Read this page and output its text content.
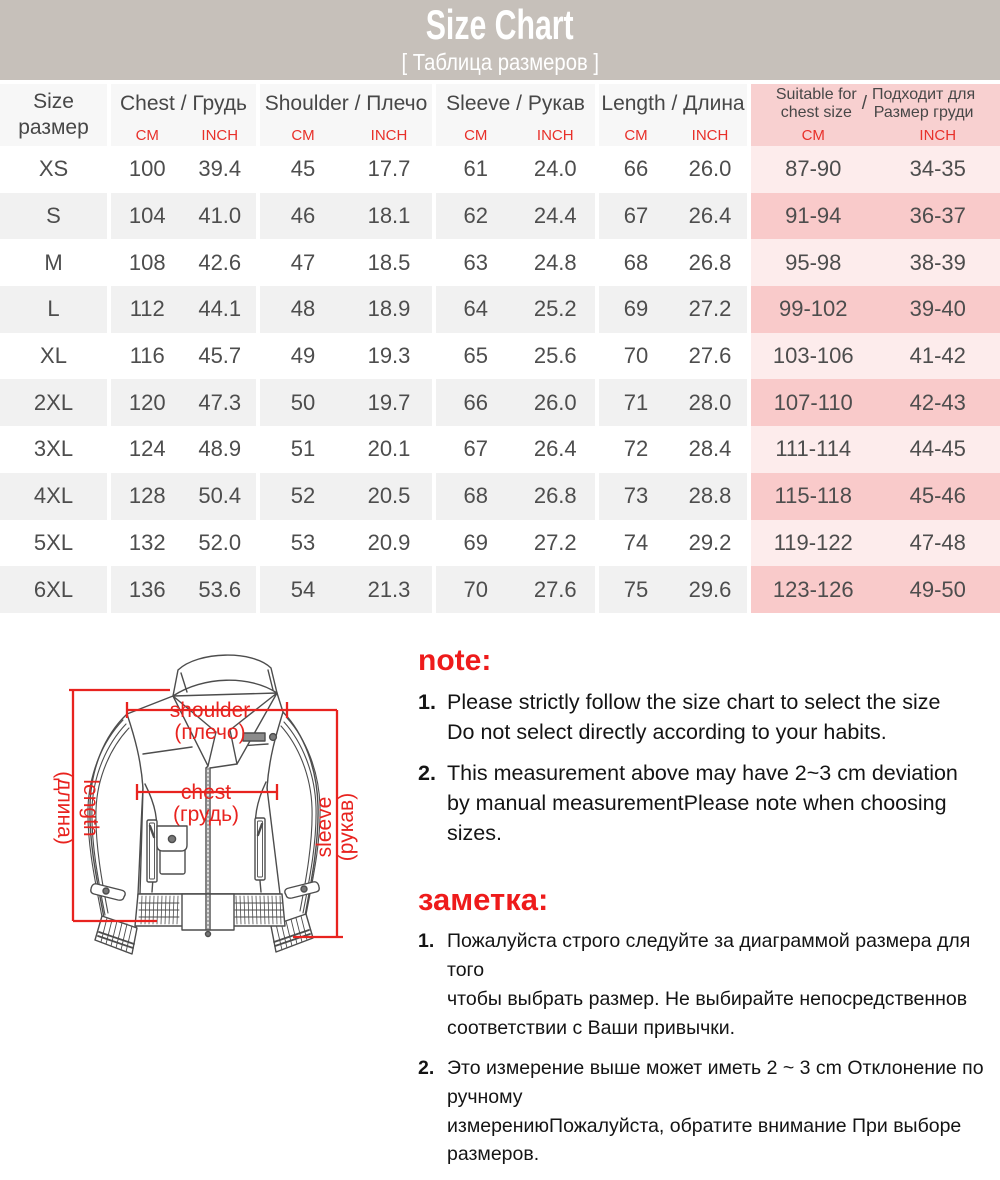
Size Chart
[ Таблица размеров ]
Size
размер
Chest / Грудь
CM	INCH
Shoulder / Плечо
CM	INCH
Sleeve / Рукав
CM	INCH
Length / Длина
CM	INCH
Suitable for
chest size / Подходит для
Размер груди
CM	INCH
XS	100	39.4	45	17.7	61	24.0	66	26.0	87-90	34-35
S	104	41.0	46	18.1	62	24.4	67	26.4	91-94	36-37
M	108	42.6	47	18.5	63	24.8	68	26.8	95-98	38-39
L	112	44.1	48	18.9	64	25.2	69	27.2	99-102	39-40
XL	116	45.7	49	19.3	65	25.6	70	27.6	103-106	41-42
2XL	120	47.3	50	19.7	66	26.0	71	28.0	107-110	42-43
3XL	124	48.9	51	20.1	67	26.4	72	28.4	111-114	44-45
4XL	128	50.4	52	20.5	68	26.8	73	28.8	115-118	45-46
5XL	132	52.0	53	20.9	69	27.2	74	29.2	119-122	47-48
6XL	136	53.6	54	21.3	70	27.6	75	29.6	123-126	49-50
shoulder
(плечо)
chest
(грудь)
length
(длина)	sleeve (рукав)
note:
1. Please strictly follow the size chart to select the size
Do not select directly according to your habits.
2. This measurement above may have 2~3 cm deviation
by manual measurementPlease note when choosing sizes.
заметка:
1. Пожалуйста строго следуйте за диаграммой размера для того
чтобы выбрать размер. Не выбирайте непосредственнов
соответствии с Ваши привычки.
2. Это измерение выше может иметь 2 ~ 3 cm Отклонение по ручному
измерениюПожалуйста, обратите внимание При выборе размеров.
